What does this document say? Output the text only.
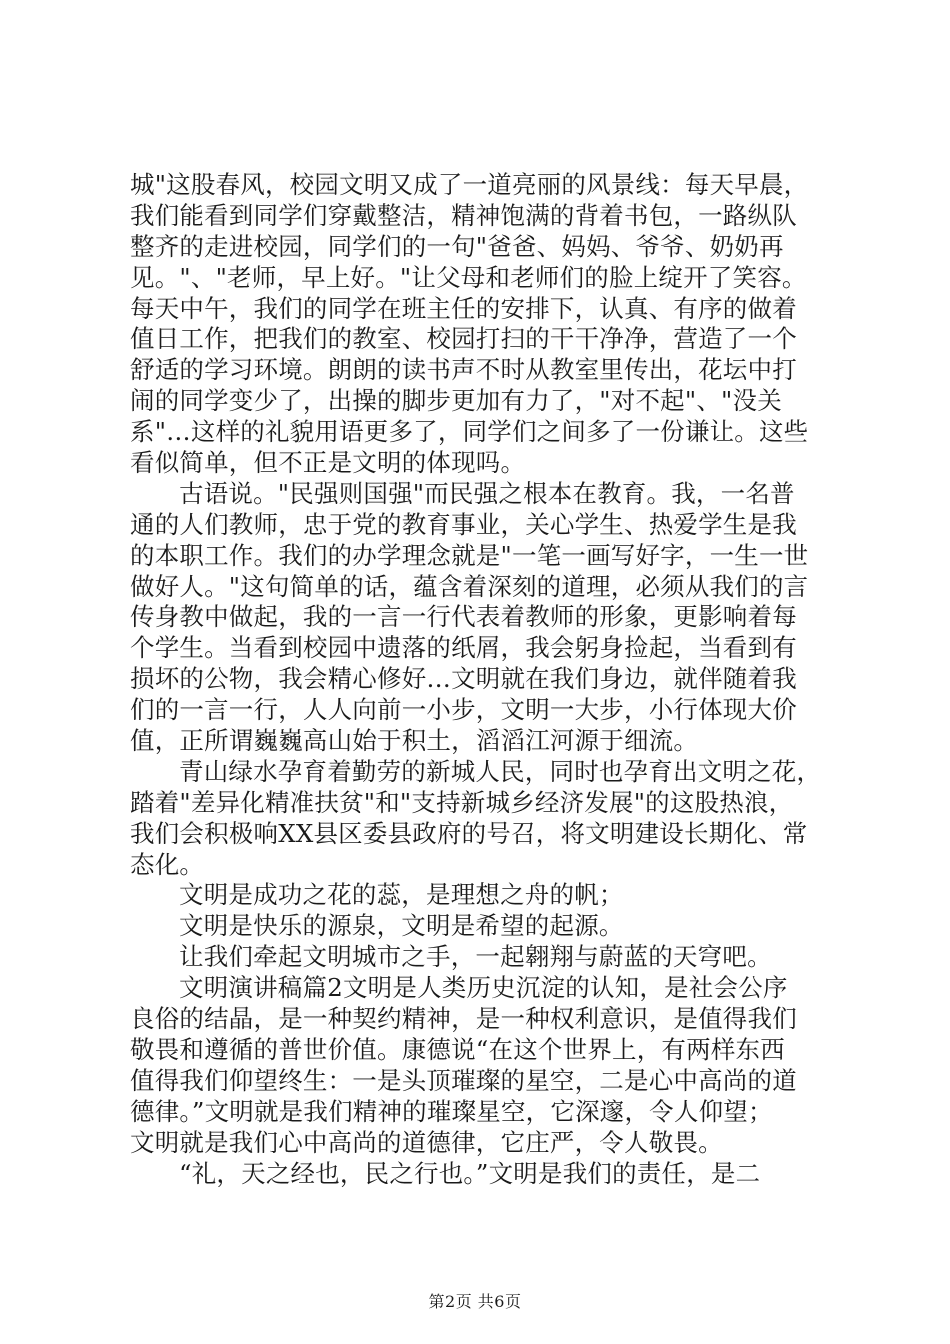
城"这股春风，校园文明又成了一道亮丽的风景线：每天早晨，
我们能看到同学们穿戴整洁，精神饱满的背着书包，一路纵队
整齐的走进校园，同学们的一句"爸爸、妈妈、爷爷、奶奶再
见。"、"老师，早上好。"让父母和老师们的脸上绽开了笑容。
每天中午，我们的同学在班主任的安排下，认真、有序的做着
值日工作，把我们的教室、校园打扫的干干净净，营造了一个
舒适的学习环境。朗朗的读书声不时从教室里传出，花坛中打
闹的同学变少了，出操的脚步更加有力了，"对不起"、"没关
系"…这样的礼貌用语更多了，同学们之间多了一份谦让。这些
看似简单，但不正是文明的体现吗。
古语说。"民强则国强"而民强之根本在教育。我，一名普
通的人们教师，忠于党的教育事业，关心学生、热爱学生是我
的本职工作。我们的办学理念就是"一笔一画写好字，一生一世
做好人。"这句简单的话，蕴含着深刻的道理，必须从我们的言
传身教中做起，我的一言一行代表着教师的形象，更影响着每
个学生。当看到校园中遗落的纸屑，我会躬身捡起，当看到有
损坏的公物，我会精心修好…文明就在我们身边，就伴随着我
们的一言一行，人人向前一小步，文明一大步，小行体现大价
值，正所谓巍巍高山始于积土，滔滔江河源于细流。
青山绿水孕育着勤劳的新城人民，同时也孕育出文明之花，
踏着"差异化精准扶贫"和"支持新城乡经济发展"的这股热浪，
我们会积极响XX县区委县政府的号召，将文明建设长期化、常
态化。
文明是成功之花的蕊，是理想之舟的帆；
文明是快乐的源泉，文明是希望的起源。
让我们牵起文明城市之手，一起翱翔与蔚蓝的天穹吧。
文明演讲稿篇2文明是人类历史沉淀的认知，是社会公序
良俗的结晶，是一种契约精神，是一种权利意识，是值得我们
敬畏和遵循的普世价值。康德说“在这个世界上，有两样东西
值得我们仰望终生：一是头顶璀璨的星空，二是心中高尚的道
德律。”文明就是我们精神的璀璨星空，它深邃，令人仰望；
文明就是我们心中高尚的道德律，它庄严，令人敬畏。
“礼，天之经也，民之行也。”文明是我们的责任，是二
第2页 共6页
